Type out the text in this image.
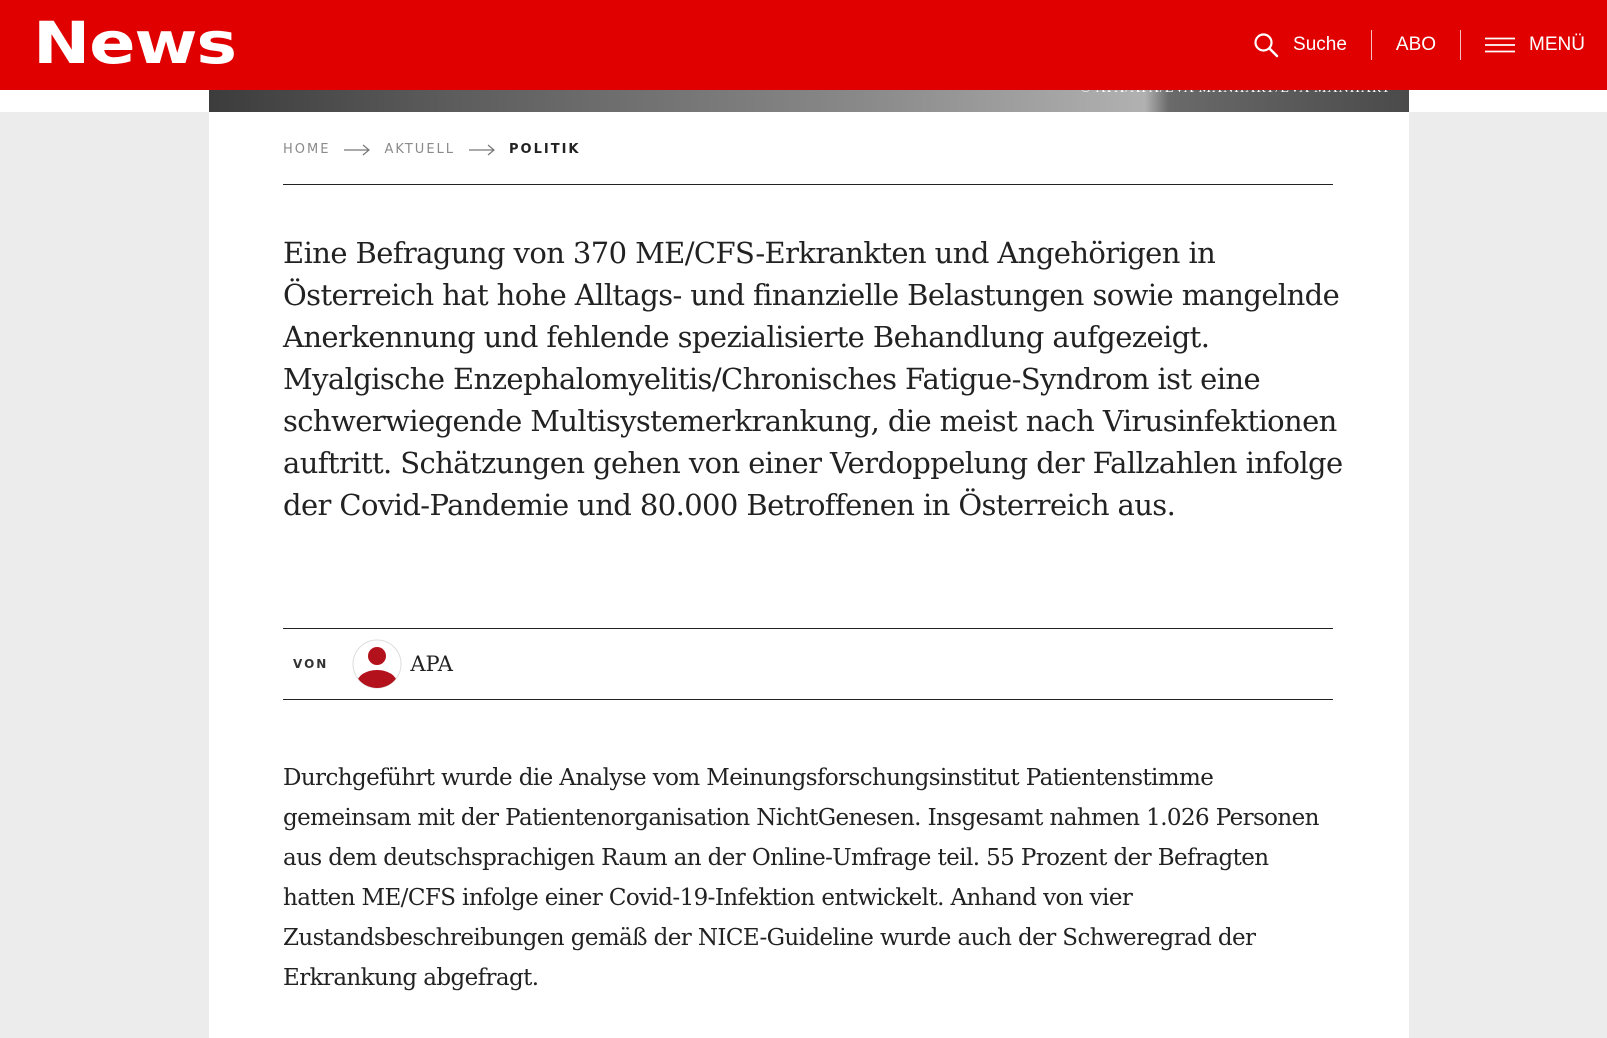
News	Suche	ABO	MENÜ
HOME	AKTUELL	POLITIK

Eine Befragung von 370 ME/CFS-Erkrankten und Angehörigen in Österreich hat hohe Alltags- und finanzielle Belastungen sowie mangelnde Anerkennung und fehlende spezialisierte Behandlung aufgezeigt. Myalgische Enzephalomyelitis/Chronisches Fatigue-Syndrom ist eine schwerwiegende Multisystemerkrankung, die meist nach Virusinfektionen auftritt. Schätzungen gehen von einer Verdoppelung der Fallzahlen infolge der Covid-Pandemie und 80.000 Betroffenen in Österreich aus.

VON	APA

Durchgeführt wurde die Analyse vom Meinungsforschungsinstitut Patientenstimme gemeinsam mit der Patientenorganisation NichtGenesen. Insgesamt nahmen 1.026 Personen aus dem deutschsprachigen Raum an der Online-Umfrage teil. 55 Prozent der Befragten hatten ME/CFS infolge einer Covid-19-Infektion entwickelt. Anhand von vier Zustandsbeschreibungen gemäß der NICE-Guideline wurde auch der Schweregrad der Erkrankung abgefragt.
